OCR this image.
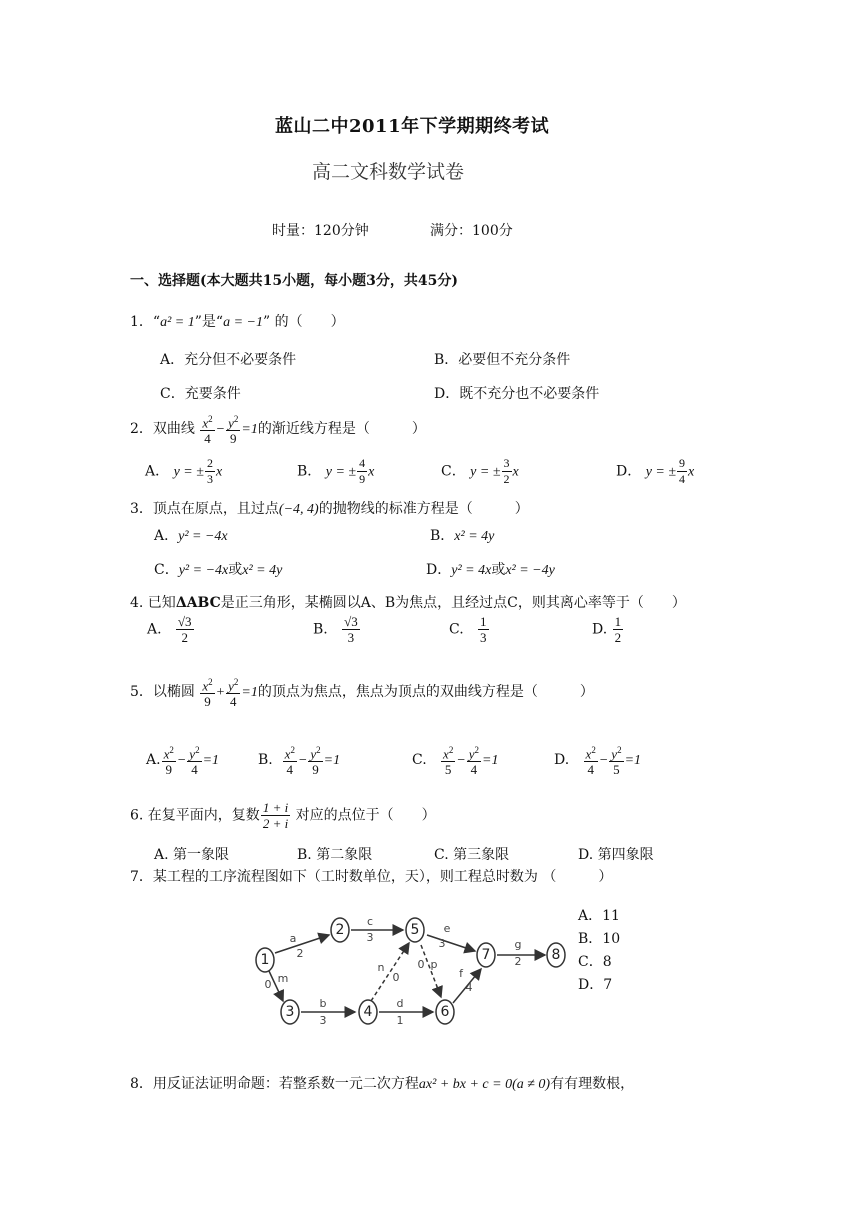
蓝山二中2011年下学期期终考试
高二文科数学试卷
时量：120分钟	满分：100分
一、选择题(本大题共15小题，每小题3分，共45分)
1．“a² = 1”是“a = −1” 的（　　）
A．充分但不必要条件	B．必要但不充分条件
C．充要条件	D．既不充分也不必要条件
2．双曲线 $\frac{x^2}{4} - \frac{y^2}{9} =1$的渐近线方程是（　　　）
A． y = ± $\frac{2}{3}$ x	B． y = ± $\frac{4}{9}$ x	C． y = ± $\frac{3}{2}$ x	D． y = ± $\frac{9}{4}$ x
3．顶点在原点，且过点(−4, 4)的抛物线的标准方程是（　　　）
A．y² = −4x	B．x² = 4y
C．y² = −4x或x² = 4y	D．y² = 4x或x² = −4y
4. 已知ΔABC是正三角形，某椭圆以A、B为焦点，且经过点C，则其离心率等于（　　）
A. $\frac{√3}{2}$	B. $\frac{√3}{3}$	C. $\frac{1}{3}$	D. $\frac{1}{2}$
5．以椭圆 $\frac{x^2}{9} + \frac{y^2}{4} =1$的顶点为焦点，焦点为顶点的双曲线方程是（　　　）
A. $\frac{x^2}{9} - \frac{y^2}{4} =1$	B. $\frac{x^2}{4} - \frac{y^2}{9} =1$	C. $\frac{x^2}{5} - \frac{y^2}{4} =1$	D. $\frac{x^2}{4} - \frac{y^2}{5} =1$
6. 在复平面内，复数 $\frac{1 + i}{2 + i}$ 对应的点位于（　　）
A. 第一象限	B. 第二象限	C. 第三象限	D. 第四象限
7．某工程的工序流程图如下（工时数单位，天），则工程总时数为 （　　　）
A．11
B．10
C．8
D．7
1
2
3	4
5
6
7	8
a
2
c
3
e
3	g
2
m
0
b
3
d
1
n
0
p
0
f
4
8．用反证法证明命题：若整系数一元二次方程ax² + bx + c = 0(a ≠ 0)有有理数根，
